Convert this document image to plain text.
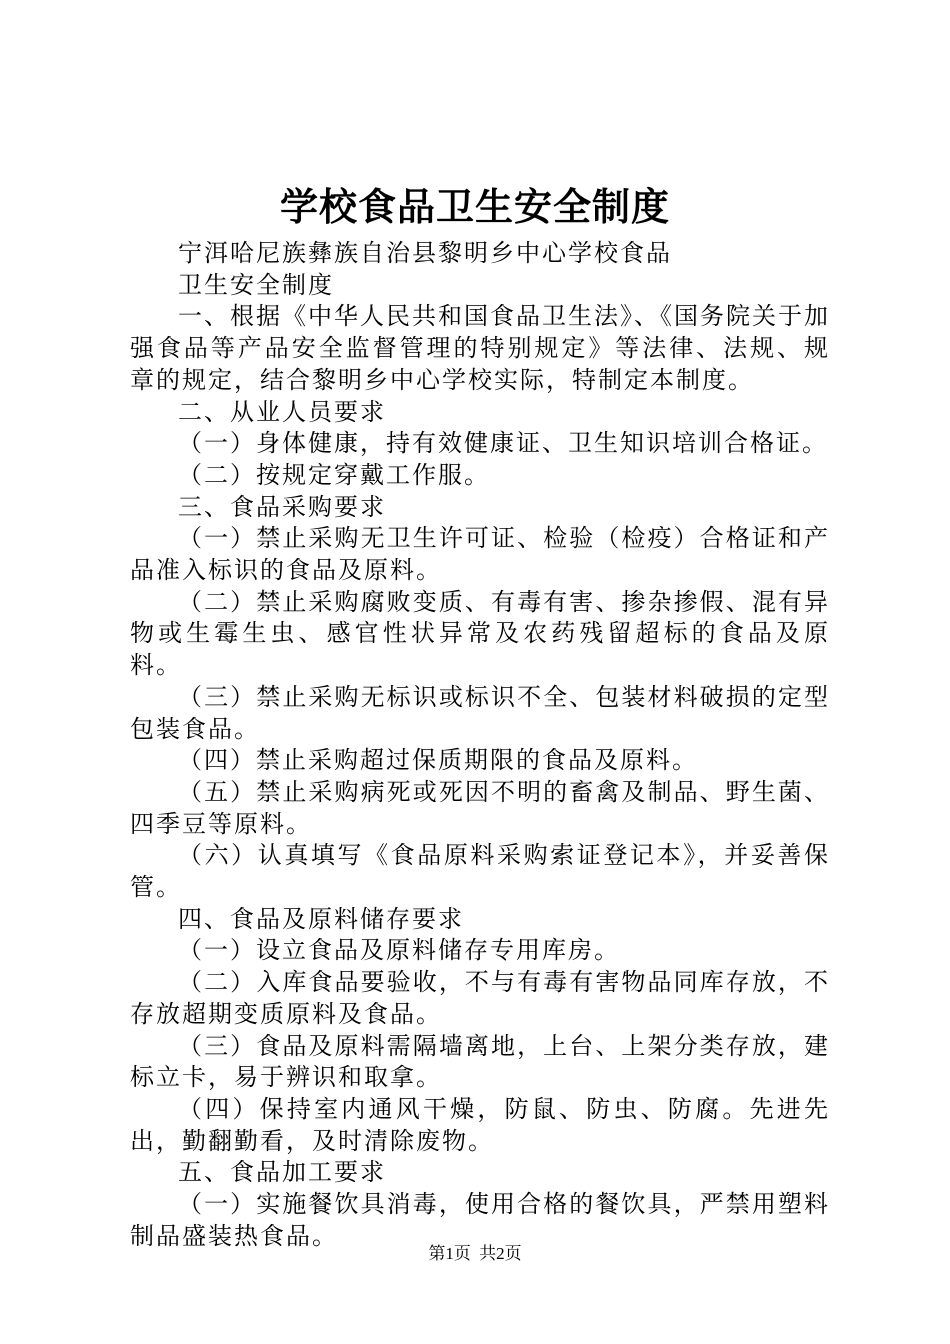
学校食品卫生安全制度

宁洱哈尼族彝族自治县黎明乡中心学校食品

卫生安全制度

一、根据《中华人民共和国食品卫生法》、《国务院关于加强食品等产品安全监督管理的特别规定》等法律、法规、规章的规定，结合黎明乡中心学校实际，特制定本制度。

二、从业人员要求

（一）身体健康，持有效健康证、卫生知识培训合格证。

（二）按规定穿戴工作服。

三、食品采购要求

（一）禁止采购无卫生许可证、检验（检疫）合格证和产品准入标识的食品及原料。

（二）禁止采购腐败变质、有毒有害、掺杂掺假、混有异物或生霉生虫、感官性状异常及农药残留超标的食品及原料。

（三）禁止采购无标识或标识不全、包装材料破损的定型包装食品。

（四）禁止采购超过保质期限的食品及原料。

（五）禁止采购病死或死因不明的畜禽及制品、野生菌、四季豆等原料。

（六）认真填写《食品原料采购索证登记本》，并妥善保管。

四、食品及原料储存要求

（一）设立食品及原料储存专用库房。

（二）入库食品要验收，不与有毒有害物品同库存放，不存放超期变质原料及食品。

（三）食品及原料需隔墙离地，上台、上架分类存放，建标立卡，易于辨识和取拿。

（四）保持室内通风干燥，防鼠、防虫、防腐。先进先出，勤翻勤看，及时清除废物。

五、食品加工要求

（一）实施餐饮具消毒，使用合格的餐饮具，严禁用塑料制品盛装热食品。

第1页 共2页
